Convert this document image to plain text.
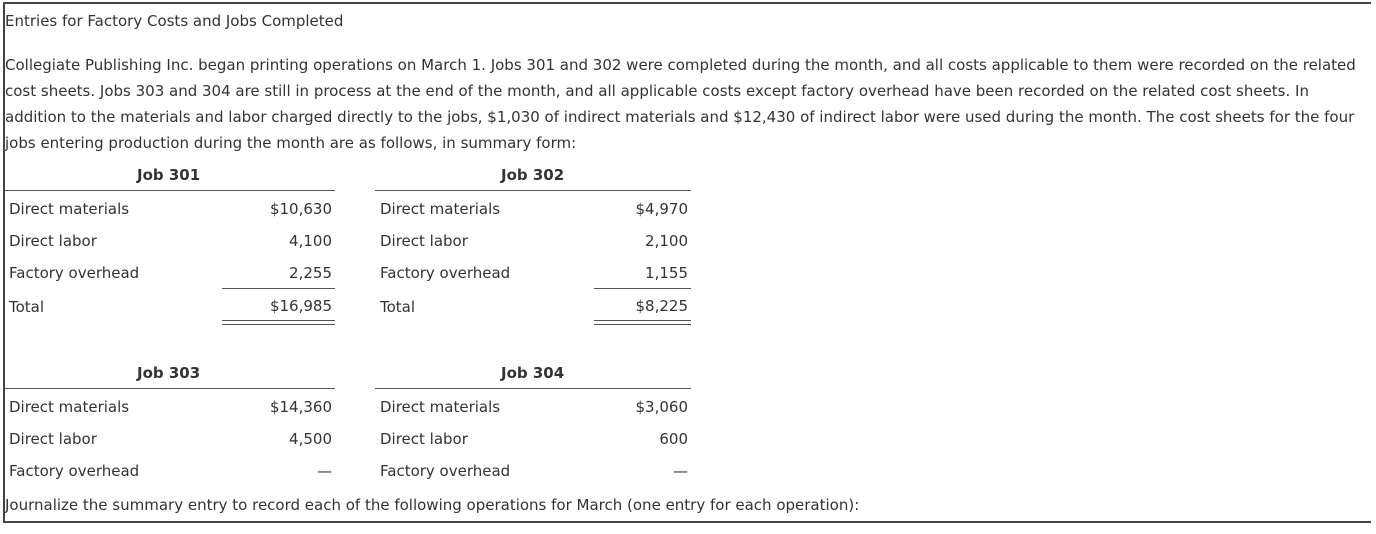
Entries for Factory Costs and Jobs Completed

Collegiate Publishing Inc. began printing operations on March 1. Jobs 301 and 302 were completed during the month, and all costs applicable to them were recorded on the related

cost sheets. Jobs 303 and 304 are still in process at the end of the month, and all applicable costs except factory overhead have been recorded on the related cost sheets. In

addition to the materials and labor charged directly to the jobs, $1,030 of indirect materials and $12,430 of indirect labor were used during the month. The cost sheets for the four

jobs entering production during the month are as follows, in summary form:

Job 301
Direct materials	$10,630
Direct labor	4,100
Factory overhead	2,255
Total	$16,985
Job 302
Direct materials	$4,970
Direct labor	2,100
Factory overhead	1,155
Total	$8,225
Job 303
Direct materials	$14,360
Direct labor	4,500
Factory overhead	—
Job 304
Direct materials	$3,060
Direct labor	600
Factory overhead	—
Journalize the summary entry to record each of the following operations for March (one entry for each operation):
